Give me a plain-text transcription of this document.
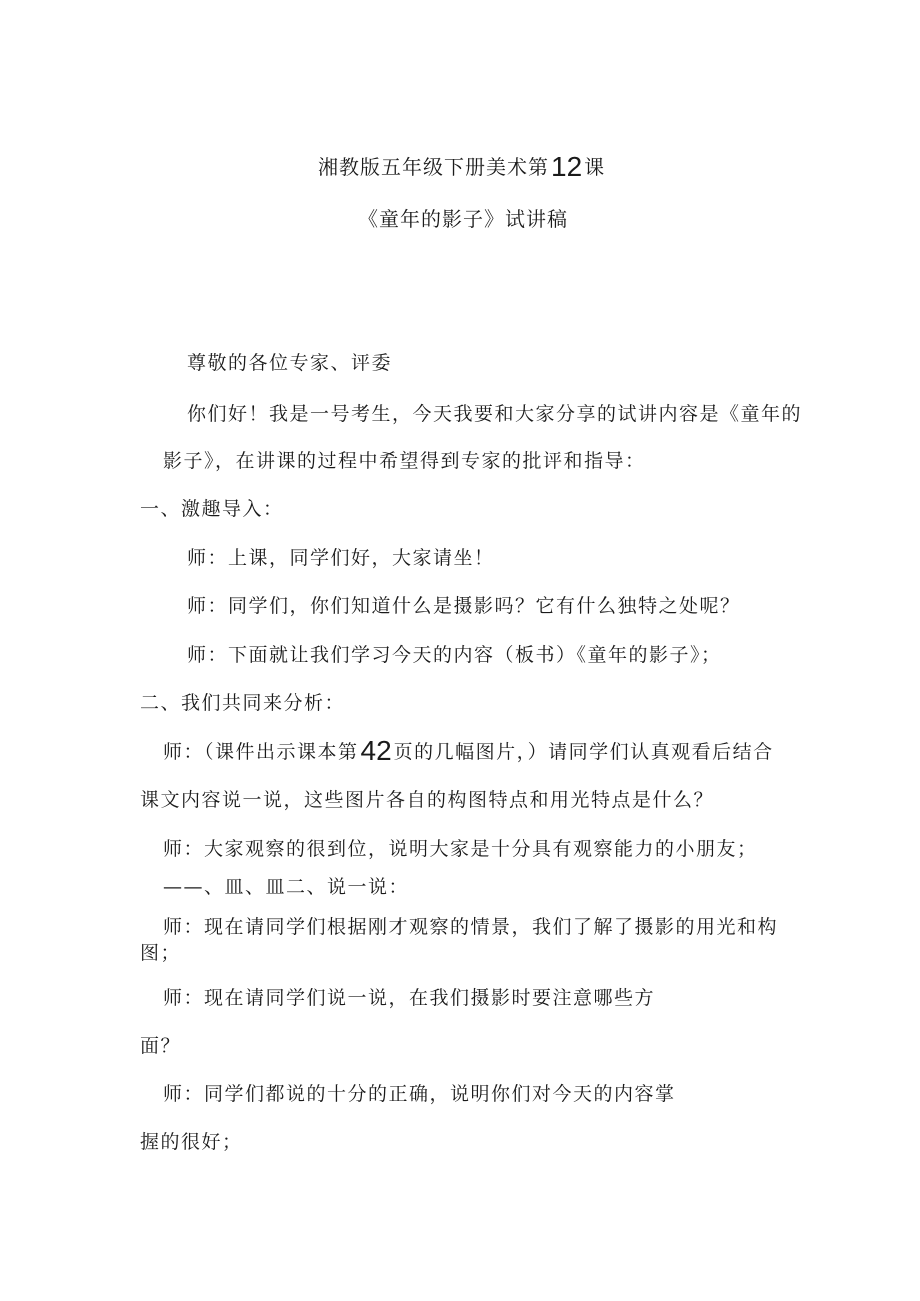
湘教版五年级下册美术第12 课
《童年的影子》试讲稿
尊敬的各位专家、评委
你们好！我是一号考生，今天我要和大家分享的试讲内容是《童年的
影子》，在讲课的过程中希望得到专家的批评和指导：
一、激趣导入：
师：上课，同学们好，大家请坐！
师：同学们，你们知道什么是摄影吗？它有什么独特之处呢？
师：下面就让我们学习今天的内容（板书）《童年的影子》；
二、我们共同来分析：
师：（课件出示课本第42 页的几幅图片，）请同学们认真观看后结合
课文内容说一说，这些图片各自的构图特点和用光特点是什么？
师：大家观察的很到位，说明大家是十分具有观察能力的小朋友；
——、皿、皿二、说一说：
师：现在请同学们根据刚才观察的情景，我们了解了摄影的用光和构
图；
师：现在请同学们说一说，在我们摄影时要注意哪些方
面？
师：同学们都说的十分的正确，说明你们对今天的内容掌
握的很好；
